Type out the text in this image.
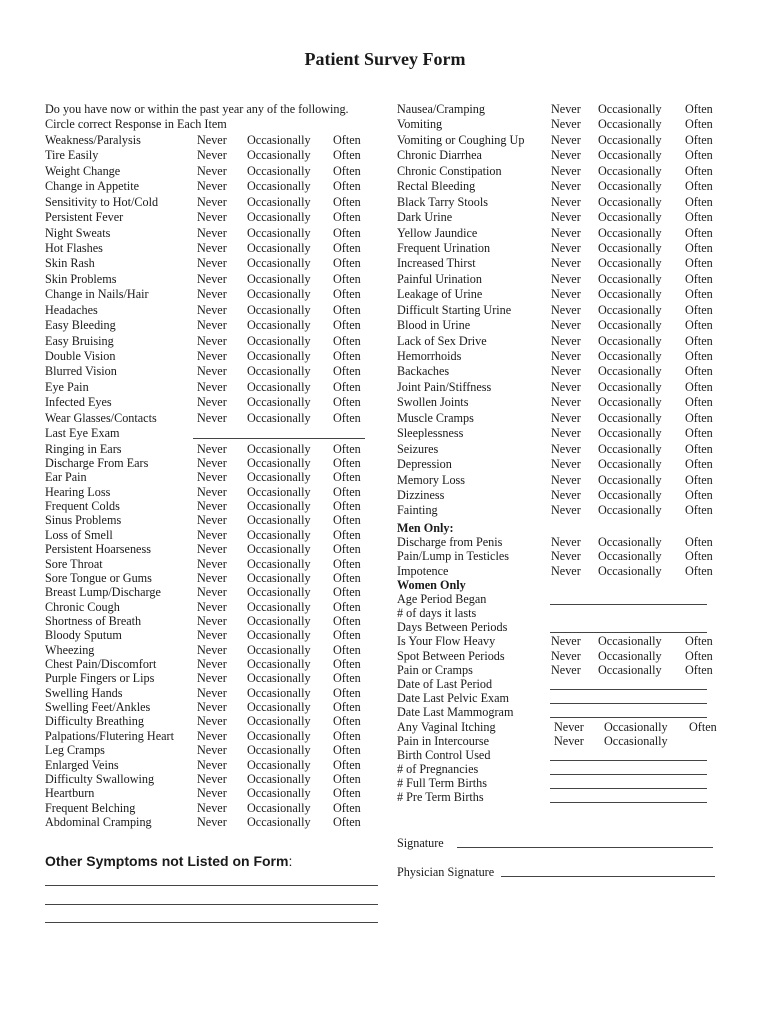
Patient Survey Form
Do you have now or within the past year any of the following.
Circle correct Response in Each Item
Weakness/Paralysis	Never Occasionally Often
Tire Easily	Never Occasionally Often
Weight Change	Never Occasionally Often
Change in Appetite	Never Occasionally Often
Sensitivity to Hot/Cold	Never Occasionally Often
Persistent Fever	Never Occasionally Often
Night Sweats	Never Occasionally Often
Hot Flashes	Never Occasionally Often
Skin Rash	Never Occasionally Often
Skin Problems	Never Occasionally Often
Change in Nails/Hair	Never Occasionally Often
Headaches	Never Occasionally Often
Easy Bleeding	Never Occasionally Often
Easy Bruising	Never Occasionally Often
Double Vision	Never Occasionally Often
Blurred Vision	Never Occasionally Often
Eye Pain	Never Occasionally Often
Infected Eyes	Never Occasionally Often
Wear Glasses/Contacts	Never Occasionally Often
Last Eye Exam
Ringing in Ears	Never Occasionally Often
Discharge From Ears	Never Occasionally Often
Ear Pain	Never Occasionally Often
Hearing Loss	Never Occasionally Often
Frequent Colds	Never Occasionally Often
Sinus Problems	Never Occasionally Often
Loss of Smell	Never Occasionally Often
Persistent Hoarseness	Never Occasionally Often
Sore Throat	Never Occasionally Often
Sore Tongue or Gums	Never Occasionally Often
Breast Lump/Discharge	Never Occasionally Often
Chronic Cough	Never Occasionally Often
Shortness of Breath	Never Occasionally Often
Bloody Sputum	Never Occasionally Often
Wheezing	Never Occasionally Often
Chest Pain/Discomfort	Never Occasionally Often
Purple Fingers or Lips	Never Occasionally Often
Swelling Hands	Never Occasionally Often
Swelling Feet/Ankles	Never Occasionally Often
Difficulty Breathing	Never Occasionally Often
Palpations/Flutering Heart Never Occasionally Often
Leg Cramps	Never Occasionally Often
Enlarged Veins	Never Occasionally Often
Difficulty Swallowing	Never Occasionally Often
Heartburn	Never Occasionally Often
Frequent Belching	Never Occasionally Often
Abdominal Cramping	Never Occasionally Often
Other Symptoms not Listed on Form:
Nausea/Cramping	Never Occasionally Often
Vomiting	Never Occasionally Often
Vomiting or Coughing Up Never Occasionally Often
Chronic Diarrhea	Never Occasionally Often
Chronic Constipation	Never Occasionally Often
Rectal Bleeding	Never Occasionally Often
Black Tarry Stools	Never Occasionally Often
Dark Urine	Never Occasionally Often
Yellow Jaundice	Never Occasionally Often
Frequent Urination	Never Occasionally Often
Increased Thirst	Never Occasionally Often
Painful Urination	Never Occasionally Often
Leakage of Urine	Never Occasionally Often
Difficult Starting Urine	Never Occasionally Often
Blood in Urine	Never Occasionally Often
Lack of Sex Drive	Never Occasionally Often
Hemorrhoids	Never Occasionally Often
Backaches	Never Occasionally Often
Joint Pain/Stiffness	Never Occasionally Often
Swollen Joints	Never Occasionally Often
Muscle Cramps	Never Occasionally Often
Sleeplessness	Never Occasionally Often
Seizures	Never Occasionally Often
Depression	Never Occasionally Often
Memory Loss	Never Occasionally Often
Dizziness	Never Occasionally Often
Fainting	Never Occasionally Often
Men Only:
Discharge from Penis	Never Occasionally Often
Pain/Lump in Testicles	Never Occasionally Often
Impotence	Never Occasionally Often
Women Only
Age Period Began
# of days it lasts
Days Between Periods
Is Your Flow Heavy	Never Occasionally Often
Spot Between Periods	Never Occasionally Often
Pain or Cramps	Never Occasionally Often
Date of Last Period
Date Last Pelvic Exam
Date Last Mammogram
Any Vaginal Itching	Never Occasionally Often
Pain in Intercourse	Never Occasionally
Birth Control Used
# of Pregnancies
# Full Term Births
# Pre Term Births
Signature
Physician Signature
